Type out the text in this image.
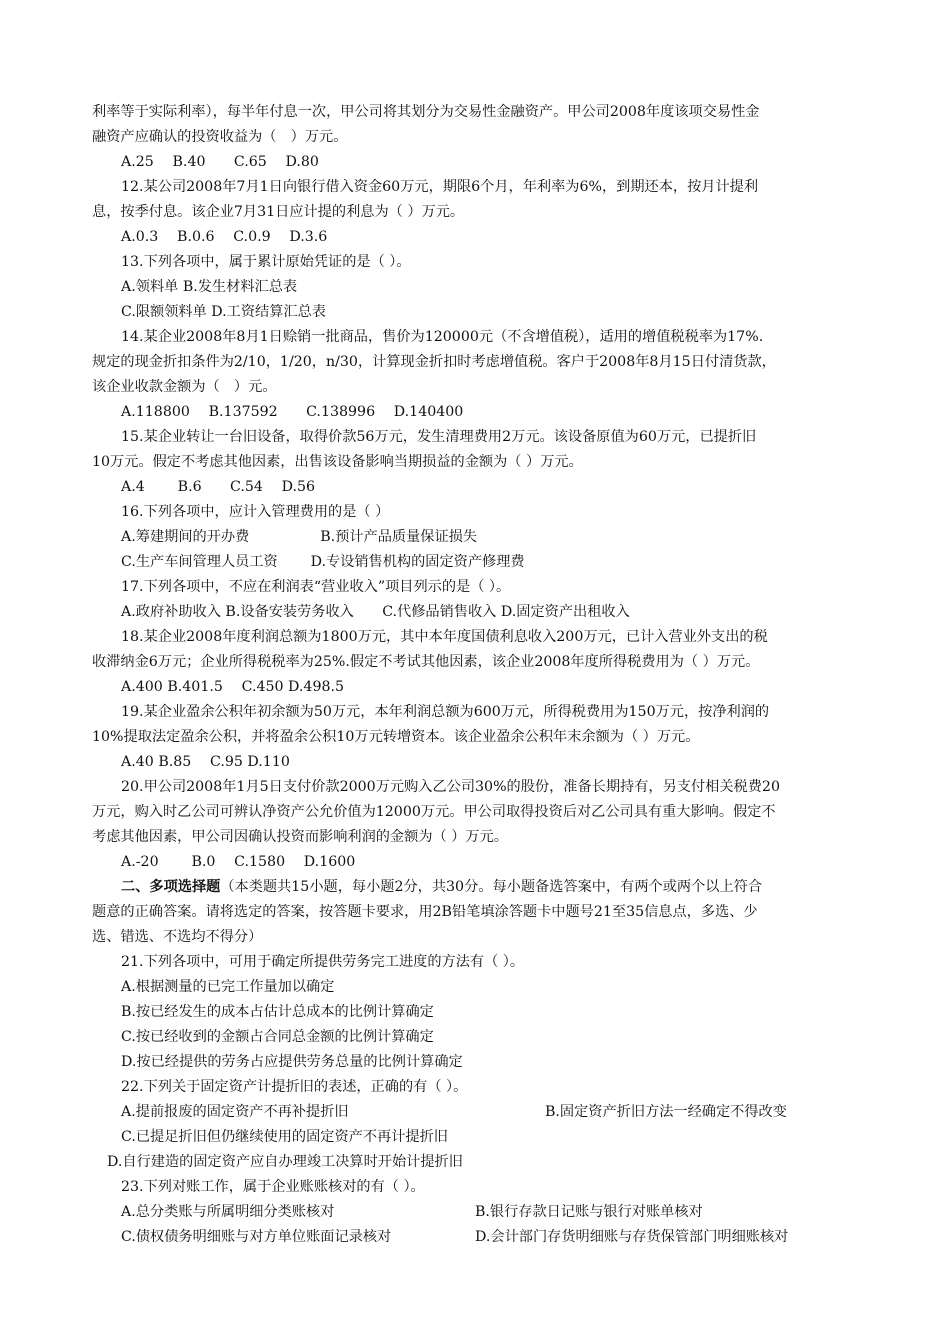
利率等于实际利率），每半年付息一次，甲公司将其划分为交易性金融资产。甲公司2008年度该项交易性金
融资产应确认的投资收益为（　）万元。
A.25　 B.40　　C.65　 D.80
12.某公司2008年7月1日向银行借入资金60万元，期限6个月，年利率为6%，到期还本，按月计提利
息，按季付息。该企业7月31日应计提的利息为（ ）万元。
A.0.3　 B.0.6　 C.0.9　 D.3.6
13.下列各项中，属于累计原始凭证的是（ ）。
A.领料单 B.发生材料汇总表
C.限额领料单 D.工资结算汇总表
14.某企业2008年8月1日赊销一批商品，售价为120000元（不含增值税），适用的增值税税率为17%.
规定的现金折扣条件为2/10，1/20，n/30，计算现金折扣时考虑增值税。客户于2008年8月15日付清货款，
该企业收款金额为（　）元。
A.118800　 B.137592　　C.138996　 D.140400
15.某企业转让一台旧设备，取得价款56万元，发生清理费用2万元。该设备原值为60万元，已提折旧
10万元。假定不考虑其他因素，出售该设备影响当期损益的金额为（ ）万元。
A.4　　 B.6　　C.54　 D.56
16.下列各项中，应计入管理费用的是（ ）
A.筹建期间的开办费　　　　　B.预计产品质量保证损失
C.生产车间管理人员工资　　 D.专设销售机构的固定资产修理费
17.下列各项中，不应在利润表“营业收入”项目列示的是（ ）。
A.政府补助收入 B.设备安装劳务收入　　C.代修品销售收入 D.固定资产出租收入
18.某企业2008年度利润总额为1800万元，其中本年度国债利息收入200万元，已计入营业外支出的税
收滞纳金6万元；企业所得税税率为25%.假定不考试其他因素，该企业2008年度所得税费用为（ ）万元。
A.400 B.401.5　 C.450 D.498.5
19.某企业盈余公积年初余额为50万元，本年利润总额为600万元，所得税费用为150万元，按净利润的
10%提取法定盈余公积，并将盈余公积10万元转增资本。该企业盈余公积年末余额为（ ）万元。
A.40 B.85　 C.95 D.110
20.甲公司2008年1月5日支付价款2000万元购入乙公司30%的股份，准备长期持有，另支付相关税费20
万元，购入时乙公司可辨认净资产公允价值为12000万元。甲公司取得投资后对乙公司具有重大影响。假定不
考虑其他因素，甲公司因确认投资而影响利润的金额为（ ）万元。
A.-20　　 B.0　 C.1580　 D.1600
二、多项选择题（本类题共15小题，每小题2分，共30分。每小题备选答案中，有两个或两个以上符合
题意的正确答案。请将选定的答案，按答题卡要求，用2B铅笔填涂答题卡中题号21至35信息点，多选、少
选、错选、不选均不得分）
21.下列各项中，可用于确定所提供劳务完工进度的方法有（ ）。
A.根据测量的已完工作量加以确定
B.按已经发生的成本占估计总成本的比例计算确定
C.按已经收到的金额占合同总金额的比例计算确定
D.按已经提供的劳务占应提供劳务总量的比例计算确定
22.下列关于固定资产计提折旧的表述，正确的有（ ）。
A.提前报废的固定资产不再补提折旧	B.固定资产折旧方法一经确定不得改变
C.已提足折旧但仍继续使用的固定资产不再计提折旧
D.自行建造的固定资产应自办理竣工决算时开始计提折旧
23.下列对账工作，属于企业账账核对的有（ ）。
A.总分类账与所属明细分类账核对	B.银行存款日记账与银行对账单核对
C.债权债务明细账与对方单位账面记录核对	D.会计部门存货明细账与存货保管部门明细账核对
